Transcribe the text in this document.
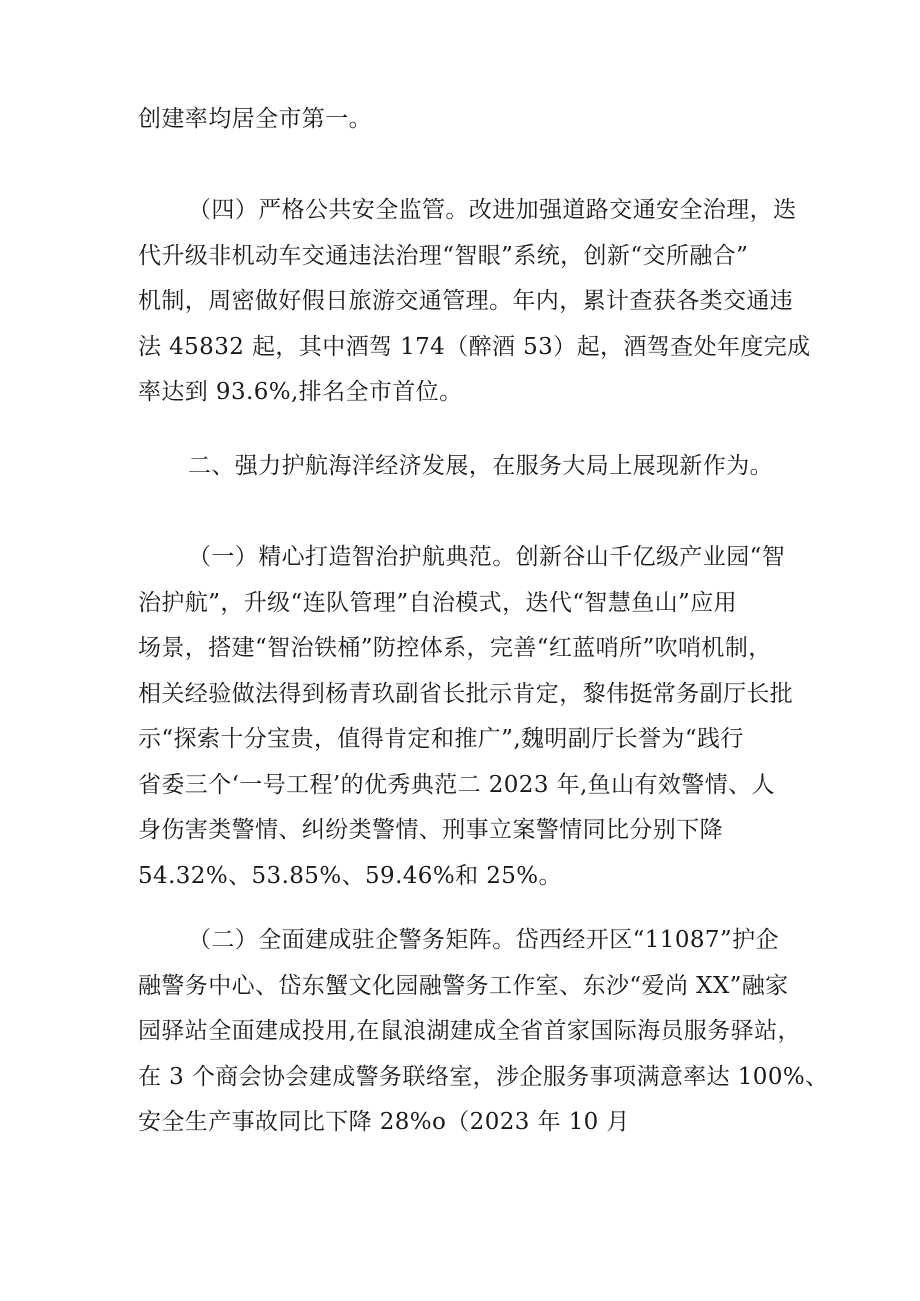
创建率均居全市第一。
（四）严格公共安全监管。改进加强道路交通安全治理，迭
代升级非机动车交通违法治理“智眼”系统，创新“交所融合”
机制，周密做好假日旅游交通管理。年内，累计查获各类交通违
法 45832 起，其中酒驾 174（醉酒 53）起，酒驾查处年度完成
率达到 93.6%,排名全市首位。
二、强力护航海洋经济发展，在服务大局上展现新作为。
（一）精心打造智治护航典范。创新谷山千亿级产业园“智
治护航”，升级“连队管理”自治模式，迭代“智慧鱼山”应用
场景，搭建“智治铁桶”防控体系，完善“红蓝哨所”吹哨机制，
相关经验做法得到杨青玖副省长批示肯定，黎伟挺常务副厅长批
示“探索十分宝贵，值得肯定和推广”,魏明副厅长誉为“践行
省委三个‘一号工程’的优秀典范二 2023 年,鱼山有效警情、人
身伤害类警情、纠纷类警情、刑事立案警情同比分别下降
54.32%、53.85%、59.46%和 25%。
（二）全面建成驻企警务矩阵。岱西经开区“11087”护企
融警务中心、岱东蟹文化园融警务工作室、东沙“爱尚 XX”融家
园驿站全面建成投用,在鼠浪湖建成全省首家国际海员服务驿站，
在 3 个商会协会建成警务联络室，涉企服务事项满意率达 100%、
安全生产事故同比下降 28%o（2023 年 10 月
